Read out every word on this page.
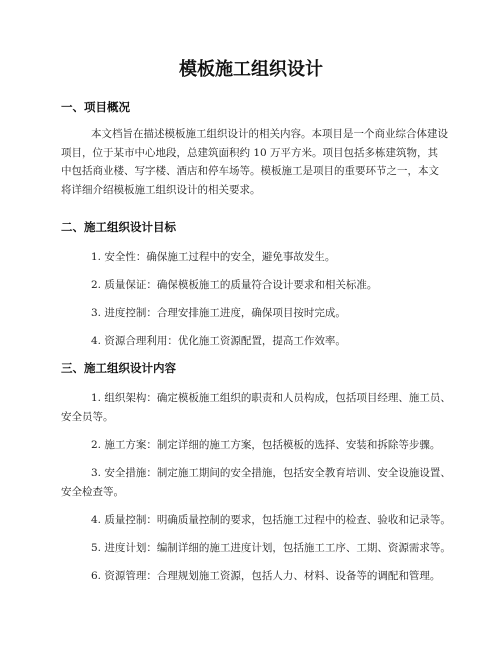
模板施工组织设计
一、项目概况
本文档旨在描述模板施工组织设计的相关内容。本项目是一个商业综合体建设
项目，位于某市中心地段，总建筑面积约 10 万平方米。项目包括多栋建筑物，其
中包括商业楼、写字楼、酒店和停车场等。模板施工是项目的重要环节之一，本文
将详细介绍模板施工组织设计的相关要求。
二、施工组织设计目标
1. 安全性：确保施工过程中的安全，避免事故发生。
2. 质量保证：确保模板施工的质量符合设计要求和相关标准。
3. 进度控制：合理安排施工进度，确保项目按时完成。
4. 资源合理利用：优化施工资源配置，提高工作效率。
三、施工组织设计内容
1. 组织架构：确定模板施工组织的职责和人员构成，包括项目经理、施工员、
安全员等。
2. 施工方案：制定详细的施工方案，包括模板的选择、安装和拆除等步骤。
3. 安全措施：制定施工期间的安全措施，包括安全教育培训、安全设施设置、
安全检查等。
4. 质量控制：明确质量控制的要求，包括施工过程中的检查、验收和记录等。
5. 进度计划：编制详细的施工进度计划，包括施工工序、工期、资源需求等。
6. 资源管理：合理规划施工资源，包括人力、材料、设备等的调配和管理。
